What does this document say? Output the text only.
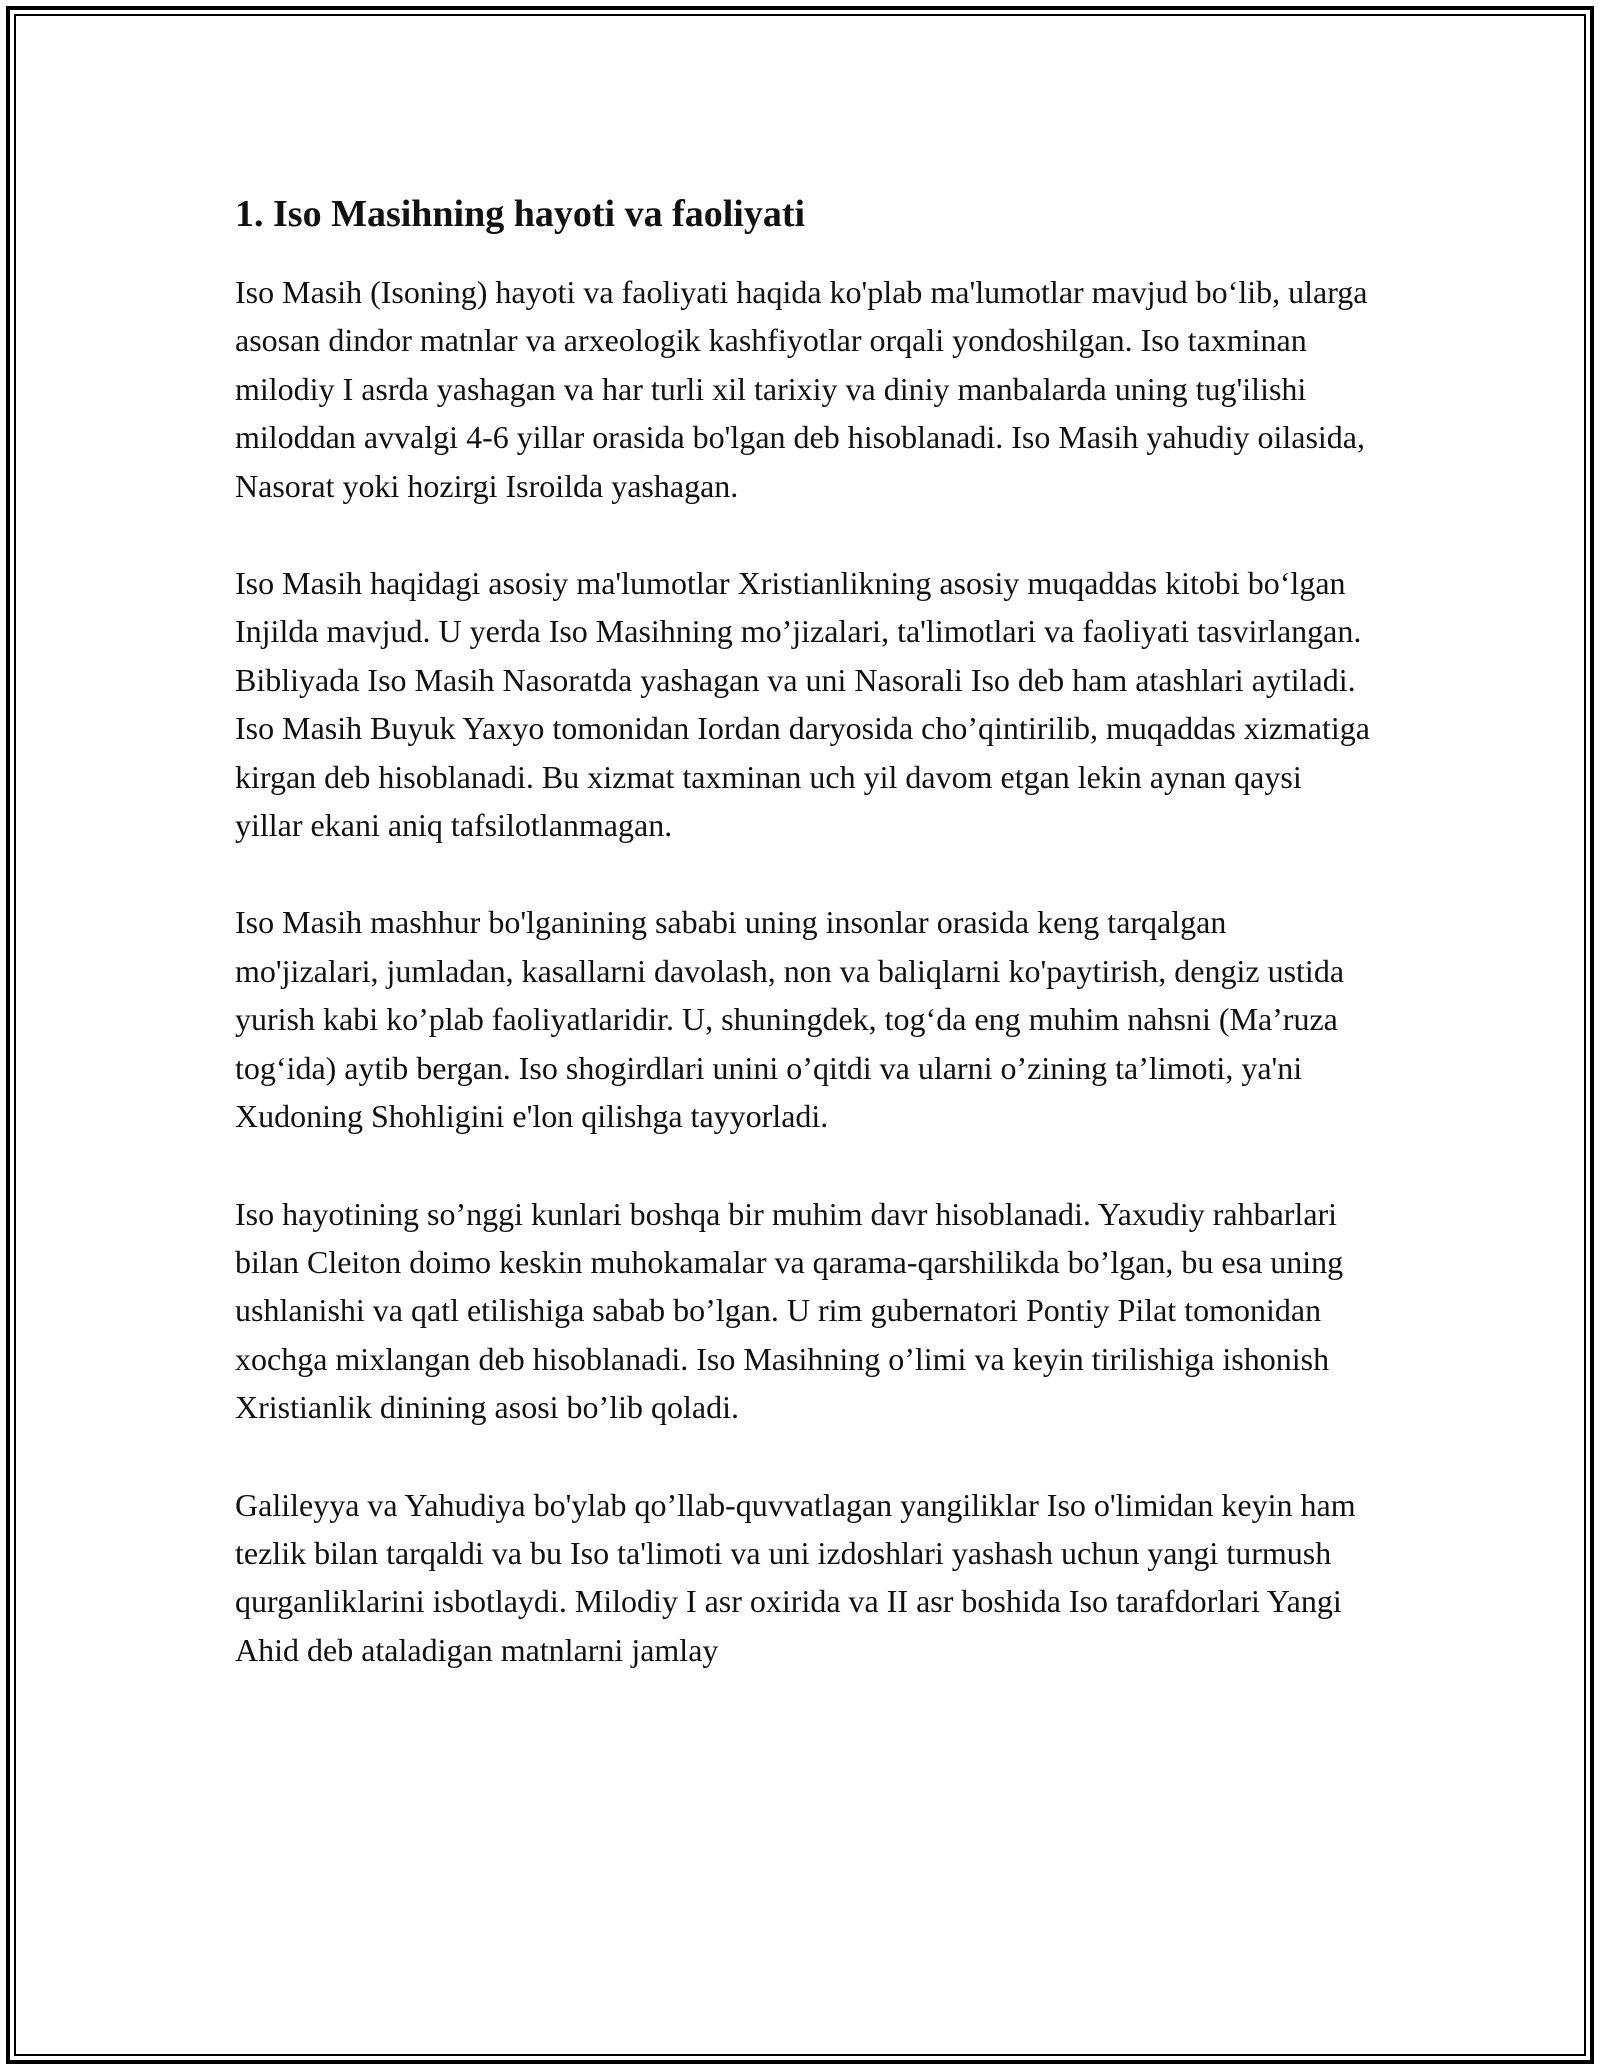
1. Iso Masihning hayoti va faoliyati

Iso Masih (Isoning) hayoti va faoliyati haqida ko'plab ma'lumotlar mavjud bo‘lib, ularga asosan dindor matnlar va arxeologik kashfiyotlar orqali yondoshilgan. Iso taxminan milodiy I asrda yashagan va har turli xil tarixiy va diniy manbalarda uning tug'ilishi miloddan avvalgi 4-6 yillar orasida bo'lgan deb hisoblanadi. Iso Masih yahudiy oilasida, Nasorat yoki hozirgi Isroilda yashagan.

Iso Masih haqidagi asosiy ma'lumotlar Xristianlikning asosiy muqaddas kitobi bo‘lgan Injilda mavjud. U yerda Iso Masihning mo’jizalari, ta'limotlari va faoliyati tasvirlangan. Bibliyada Iso Masih Nasoratda yashagan va uni Nasorali Iso deb ham atashlari aytiladi. Iso Masih Buyuk Yaxyo tomonidan Iordan daryosida cho’qintirilib, muqaddas xizmatiga kirgan deb hisoblanadi. Bu xizmat taxminan uch yil davom etgan lekin aynan qaysi yillar ekani aniq tafsilotlanmagan.

Iso Masih mashhur bo'lganining sababi uning insonlar orasida keng tarqalgan mo'jizalari, jumladan, kasallarni davolash, non va baliqlarni ko'paytirish, dengiz ustida yurish kabi ko’plab faoliyatlaridir. U, shuningdek, tog‘da eng muhim nahsni (Ma’ruza tog‘ida) aytib bergan. Iso shogirdlari unini o’qitdi va ularni o’zining ta’limoti, ya'ni Xudoning Shohligini e'lon qilishga tayyorladi.

Iso hayotining so’nggi kunlari boshqa bir muhim davr hisoblanadi. Yaxudiy rahbarlari bilan Cleiton doimo keskin muhokamalar va qarama-qarshilikda bo’lgan, bu esa uning ushlanishi va qatl etilishiga sabab bo’lgan. U rim gubernatori Pontiy Pilat tomonidan xochga mixlangan deb hisoblanadi. Iso Masihning o’limi va keyin tirilishiga ishonish Xristianlik dinining asosi bo’lib qoladi.

Galileyya va Yahudiya bo'ylab qo’llab-quvvatlagan yangiliklar Iso o'limidan keyin ham tezlik bilan tarqaldi va bu Iso ta'limoti va uni izdoshlari yashash uchun yangi turmush qurganliklarini isbotlaydi. Milodiy I asr oxirida va II asr boshida Iso tarafdorlari Yangi Ahid deb ataladigan matnlarni jamlay
